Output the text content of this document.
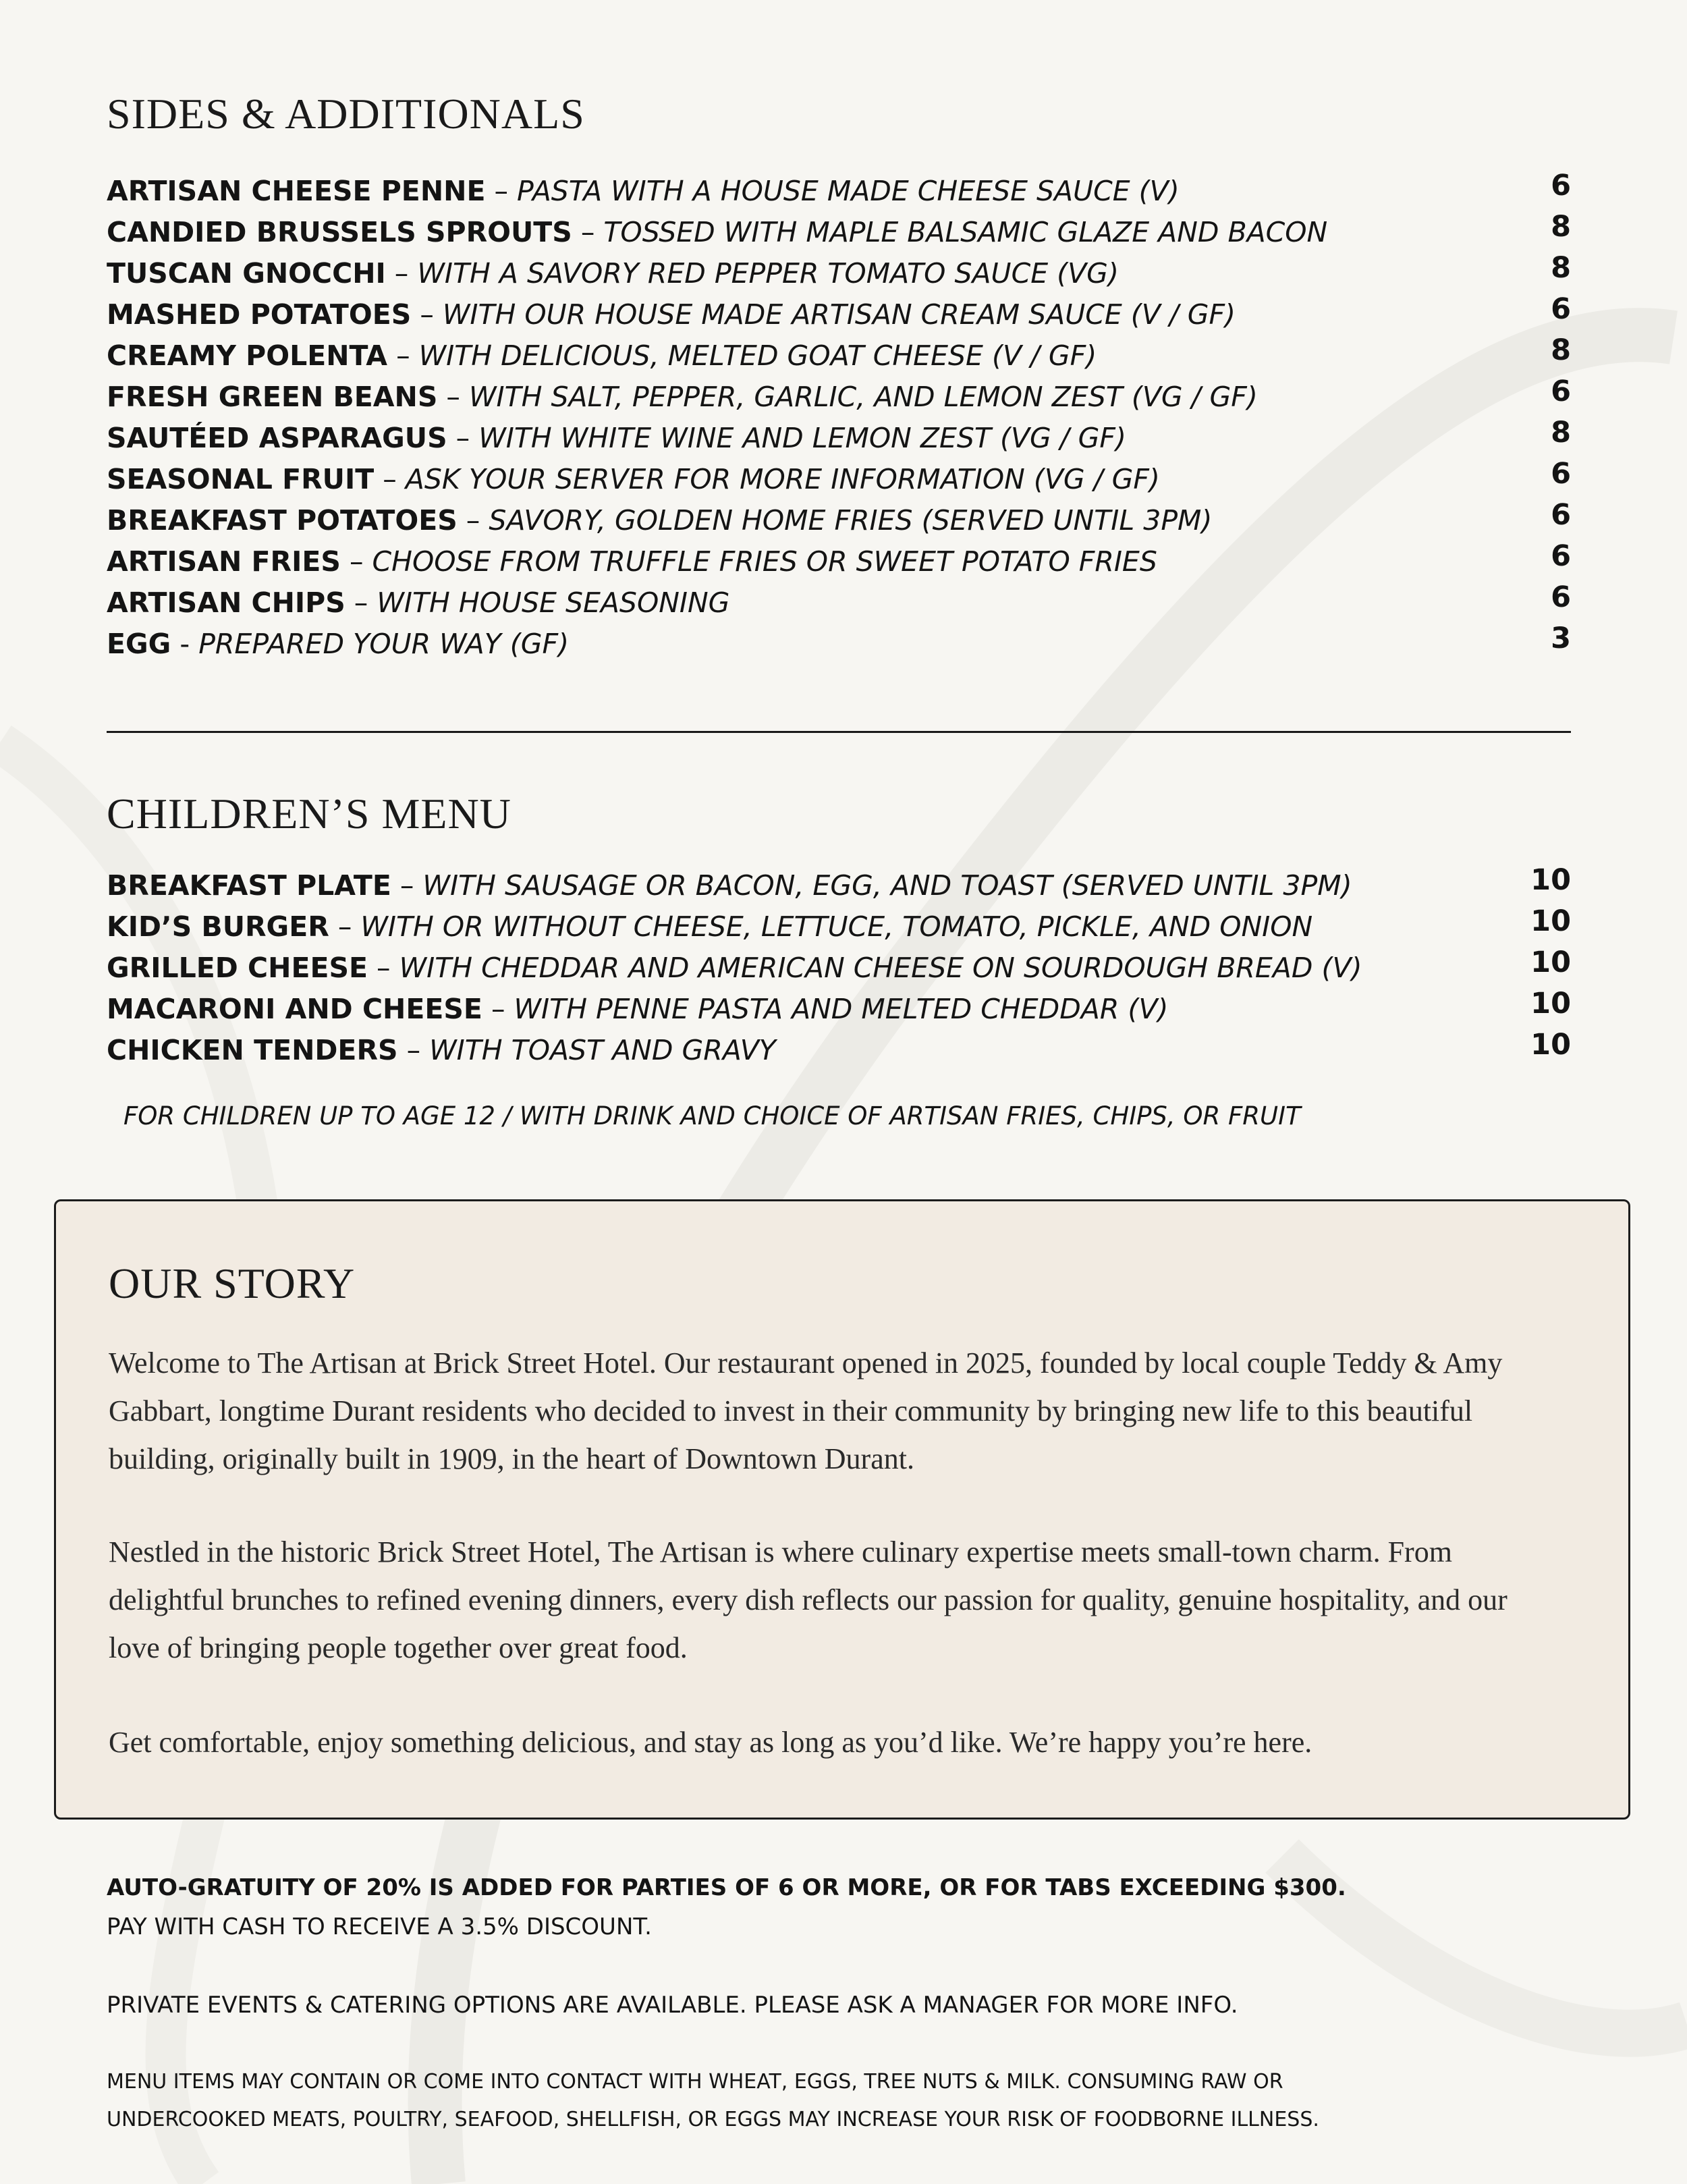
SIDES & ADDITIONALS
ARTISAN CHEESE PENNE – PASTA WITH A HOUSE MADE CHEESE SAUCE (V)	6
CANDIED BRUSSELS SPROUTS – TOSSED WITH MAPLE BALSAMIC GLAZE AND BACON	8
TUSCAN GNOCCHI – WITH A SAVORY RED PEPPER TOMATO SAUCE (VG)	8
MASHED POTATOES – WITH OUR HOUSE MADE ARTISAN CREAM SAUCE (V / GF)	6
CREAMY POLENTA – WITH DELICIOUS, MELTED GOAT CHEESE (V / GF)	8
FRESH GREEN BEANS – WITH SALT, PEPPER, GARLIC, AND LEMON ZEST (VG / GF)	6
SAUTÉED ASPARAGUS – WITH WHITE WINE AND LEMON ZEST (VG / GF)	8
SEASONAL FRUIT – ASK YOUR SERVER FOR MORE INFORMATION (VG / GF)	6
BREAKFAST POTATOES – SAVORY, GOLDEN HOME FRIES (SERVED UNTIL 3PM)	6
ARTISAN FRIES – CHOOSE FROM TRUFFLE FRIES OR SWEET POTATO FRIES	6
ARTISAN CHIPS – WITH HOUSE SEASONING	6
EGG - PREPARED YOUR WAY (GF)	3
CHILDREN’S MENU
BREAKFAST PLATE – WITH SAUSAGE OR BACON, EGG, AND TOAST (SERVED UNTIL 3PM)	10
KID’S BURGER – WITH OR WITHOUT CHEESE, LETTUCE, TOMATO, PICKLE, AND ONION	10
GRILLED CHEESE – WITH CHEDDAR AND AMERICAN CHEESE ON SOURDOUGH BREAD (V)	10
MACARONI AND CHEESE – WITH PENNE PASTA AND MELTED CHEDDAR (V)	10
CHICKEN TENDERS – WITH TOAST AND GRAVY	10
FOR CHILDREN UP TO AGE 12 / WITH DRINK AND CHOICE OF ARTISAN FRIES, CHIPS, OR FRUIT
OUR STORY

Welcome to The Artisan at Brick Street Hotel. Our restaurant opened in 2025, founded by local couple Teddy & Amy Gabbart, longtime Durant residents who decided to invest in their community by bringing new life to this beautiful building, originally built in 1909, in the heart of Downtown Durant.

Nestled in the historic Brick Street Hotel, The Artisan is where culinary expertise meets small-town charm. From delightful brunches to refined evening dinners, every dish reflects our passion for quality, genuine hospitality, and our love of bringing people together over great food.

Get comfortable, enjoy something delicious, and stay as long as you’d like. We’re happy you’re here.

AUTO-GRATUITY OF 20% IS ADDED FOR PARTIES OF 6 OR MORE, OR FOR TABS EXCEEDING $300.

PAY WITH CASH TO RECEIVE A 3.5% DISCOUNT.

PRIVATE EVENTS & CATERING OPTIONS ARE AVAILABLE. PLEASE ASK A MANAGER FOR MORE INFO.

MENU ITEMS MAY CONTAIN OR COME INTO CONTACT WITH WHEAT, EGGS, TREE NUTS & MILK. CONSUMING RAW OR

UNDERCOOKED MEATS, POULTRY, SEAFOOD, SHELLFISH, OR EGGS MAY INCREASE YOUR RISK OF FOODBORNE ILLNESS.
